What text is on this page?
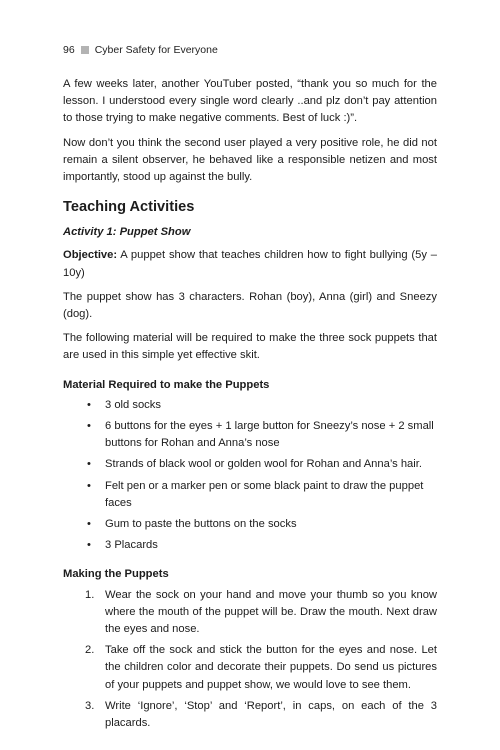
96 Cyber Safety for Everyone

A few weeks later, another YouTuber posted, “thank you so much for the lesson. I understood every single word clearly ..and plz don’t pay attention to those trying to make negative comments. Best of luck :)”.

Now don’t you think the second user played a very positive role, he did not remain a silent observer, he behaved like a responsible netizen and most importantly, stood up against the bully.

Teaching Activities
Activity 1: Puppet Show

Objective: A puppet show that teaches children how to fight bullying (5y – 10y)

The puppet show has 3 characters. Rohan (boy), Anna (girl) and Sneezy (dog).

The following material will be required to make the three sock puppets that are used in this simple yet effective skit.

Material Required to make the Puppets
• 3 old socks
• 6 buttons for the eyes + 1 large button for Sneezy’s nose + 2 small buttons for Rohan and Anna’s nose
• Strands of black wool or golden wool for Rohan and Anna’s hair.
• Felt pen or a marker pen or some black paint to draw the puppet faces
• Gum to paste the buttons on the socks
• 3 Placards
Making the Puppets
1. Wear the sock on your hand and move your thumb so you know where the mouth of the puppet will be. Draw the mouth. Next draw the eyes and nose.
2. Take off the sock and stick the button for the eyes and nose. Let the children color and decorate their puppets. Do send us pictures of your puppets and puppet show, we would love to see them.
3. Write ‘Ignore’, ‘Stop’ and ‘Report’, in caps, on each of the 3 placards.
